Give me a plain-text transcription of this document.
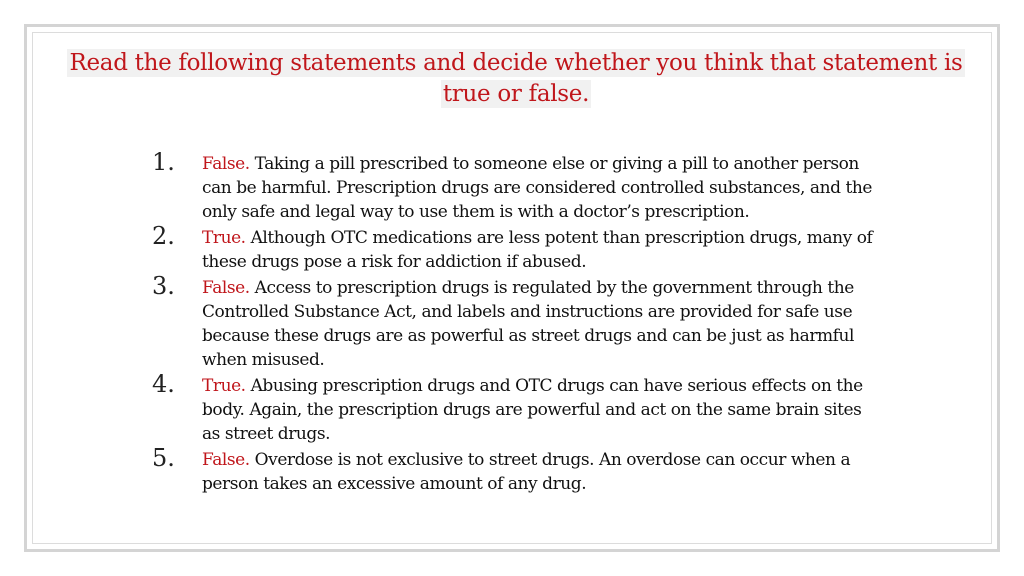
Read the following statements and decide whether you think that statement is
true or false.
1.	False. Taking a pill prescribed to someone else or giving a pill to another person can be harmful. Prescription drugs are considered controlled substances, and the only safe and legal way to use them is with a doctor’s prescription.
2.	True. Although OTC medications are less potent than prescription drugs, many of these drugs pose a risk for addiction if abused.
3.	False. Access to prescription drugs is regulated by the government through the Controlled Substance Act, and labels and instructions are provided for safe use because these drugs are as powerful as street drugs and can be just as harmful when misused.
4.	True. Abusing prescription drugs and OTC drugs can have serious effects on the body. Again, the prescription drugs are powerful and act on the same brain sites as street drugs.
5.	False. Overdose is not exclusive to street drugs. An overdose can occur when a person takes an excessive amount of any drug.
